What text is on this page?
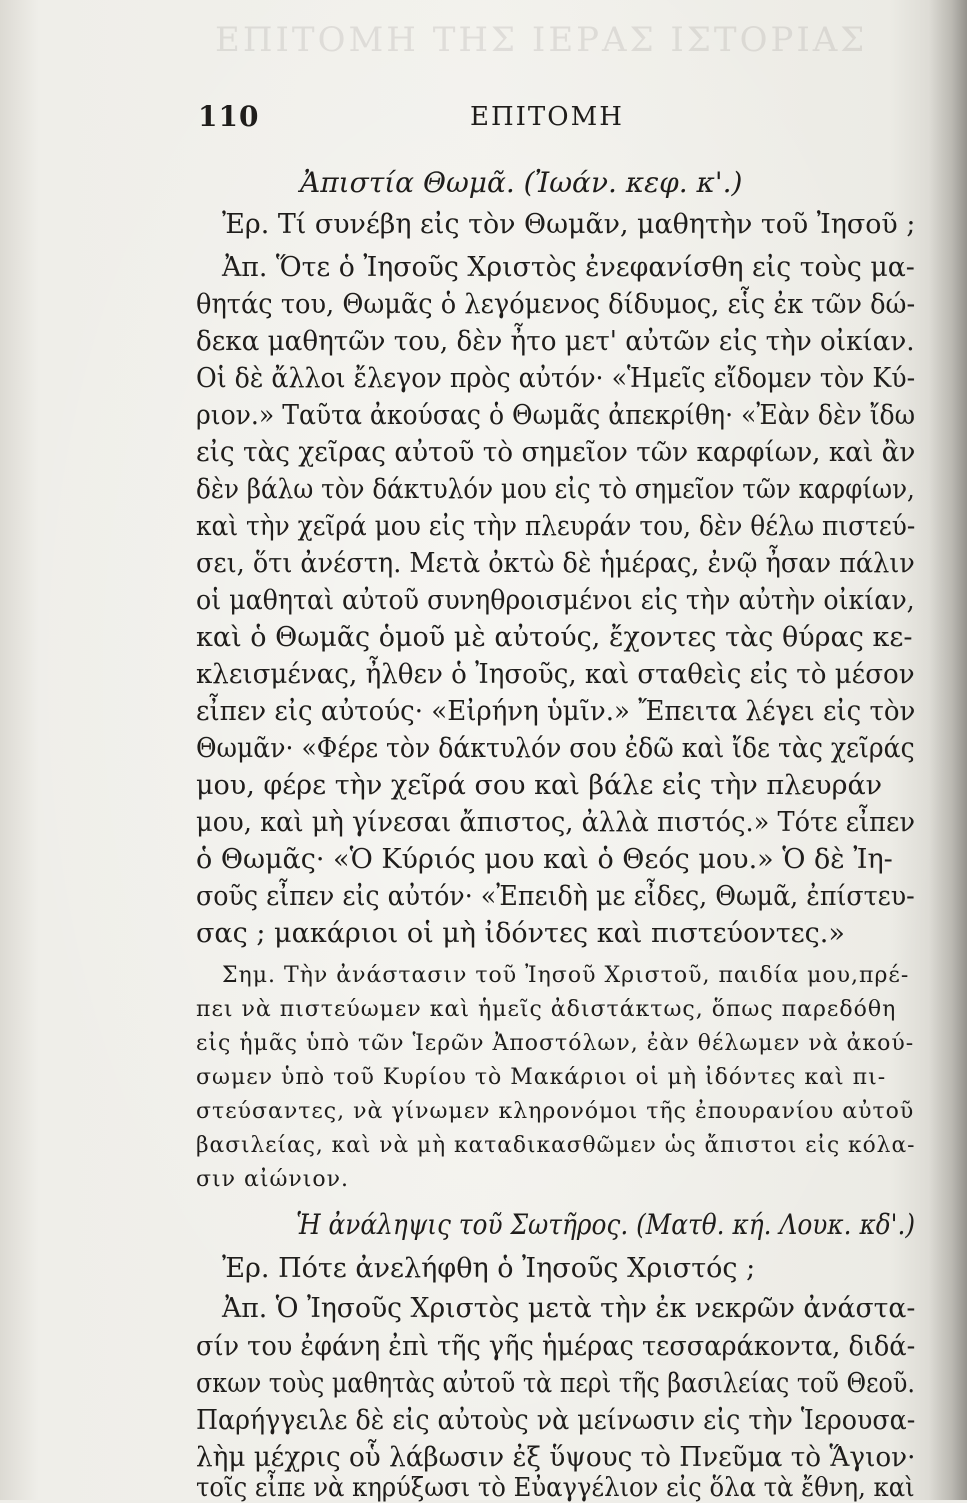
ΕΠΙΤΟΜΗ ΤΗΣ ΙΕΡΑΣ ΙΣΤΟΡΙΑΣ
110	ΕΠΙΤΟΜΗ
Ἀπιστία Θωμᾶ. (Ἰωάν. κεφ. κ'.)
Ἐρ. Τί συνέβη εἰς τὸν Θωμᾶν, μαθητὴν τοῦ Ἰησοῦ ;
Ἀπ. Ὅτε ὁ Ἰησοῦς Χριστὸς ἐνεφανίσθη εἰς τοὺς μα-
θητάς του, Θωμᾶς ὁ λεγόμενος δίδυμος, εἷς ἐκ τῶν δώ-
δεκα μαθητῶν του, δὲν ἦτο μετ' αὐτῶν εἰς τὴν οἰκίαν.
Οἱ δὲ ἄλλοι ἔλεγον πρὸς αὐτόν· «Ἡμεῖς εἴδομεν τὸν Κύ-
ριον.» Ταῦτα ἀκούσας ὁ Θωμᾶς ἀπεκρίθη· «Ἐὰν δὲν ἴδω
εἰς τὰς χεῖρας αὐτοῦ τὸ σημεῖον τῶν καρφίων, καὶ ἂν
δὲν βάλω τὸν δάκτυλόν μου εἰς τὸ σημεῖον τῶν καρφίων,
καὶ τὴν χεῖρά μου εἰς τὴν πλευράν του, δὲν θέλω πιστεύ-
σει, ὅτι ἀνέστη. Μετὰ ὀκτὼ δὲ ἡμέρας, ἐνῷ ἦσαν πάλιν
οἱ μαθηταὶ αὐτοῦ συνηθροισμένοι εἰς τὴν αὐτὴν οἰκίαν,
καὶ ὁ Θωμᾶς ὁμοῦ μὲ αὐτούς, ἔχοντες τὰς θύρας κε-
κλεισμένας, ἦλθεν ὁ Ἰησοῦς, καὶ σταθεὶς εἰς τὸ μέσον
εἶπεν εἰς αὐτούς· «Εἰρήνη ὑμῖν.» Ἔπειτα λέγει εἰς τὸν
Θωμᾶν· «Φέρε τὸν δάκτυλόν σου ἐδῶ καὶ ἴδε τὰς χεῖράς
μου, φέρε τὴν χεῖρά σου καὶ βάλε εἰς τὴν πλευράν
μου, καὶ μὴ γίνεσαι ἄπιστος, ἀλλὰ πιστός.» Τότε εἶπεν
ὁ Θωμᾶς· «Ὁ Κύριός μου καὶ ὁ Θεός μου.» Ὁ δὲ Ἰη-
σοῦς εἶπεν εἰς αὐτόν· «Ἐπειδὴ με εἶδες, Θωμᾶ, ἐπίστευ-
σας ; μακάριοι οἱ μὴ ἰδόντες καὶ πιστεύοντες.»
Σημ. Τὴν ἀνάστασιν τοῦ Ἰησοῦ Χριστοῦ, παιδία μου,πρέ-
πει νὰ πιστεύωμεν καὶ ἡμεῖς ἀδιστάκτως, ὅπως παρεδόθη
εἰς ἡμᾶς ὑπὸ τῶν Ἱερῶν Ἀποστόλων, ἐὰν θέλωμεν νὰ ἀκού-
σωμεν ὑπὸ τοῦ Κυρίου τὸ Μακάριοι οἱ μὴ ἰδόντες καὶ πι-
στεύσαντες, νὰ γίνωμεν κληρονόμοι τῆς ἐπουρανίου αὐτοῦ
βασιλείας, καὶ νὰ μὴ καταδικασθῶμεν ὡς ἄπιστοι εἰς κόλα-
σιν αἰώνιον.
Ἡ ἀνάληψις τοῦ Σωτῆρος. (Ματθ. κή. Λουκ. κδ'.)
Ἐρ. Πότε ἀνελήφθη ὁ Ἰησοῦς Χριστός ;
Ἀπ. Ὁ Ἰησοῦς Χριστὸς μετὰ τὴν ἐκ νεκρῶν ἀνάστα-
σίν του ἐφάνη ἐπὶ τῆς γῆς ἡμέρας τεσσαράκοντα, διδά-
σκων τοὺς μαθητὰς αὐτοῦ τὰ περὶ τῆς βασιλείας τοῦ Θεοῦ.
Παρήγγειλε δὲ εἰς αὐτοὺς νὰ μείνωσιν εἰς τὴν Ἱερουσα-
λὴμ μέχρις οὗ λάβωσιν ἐξ ὕψους τὸ Πνεῦμα τὸ Ἅγιον·
τοῖς εἶπε νὰ κηρύξωσι τὸ Εὐαγγέλιον εἰς ὅλα τὰ ἔθνη, καὶ
